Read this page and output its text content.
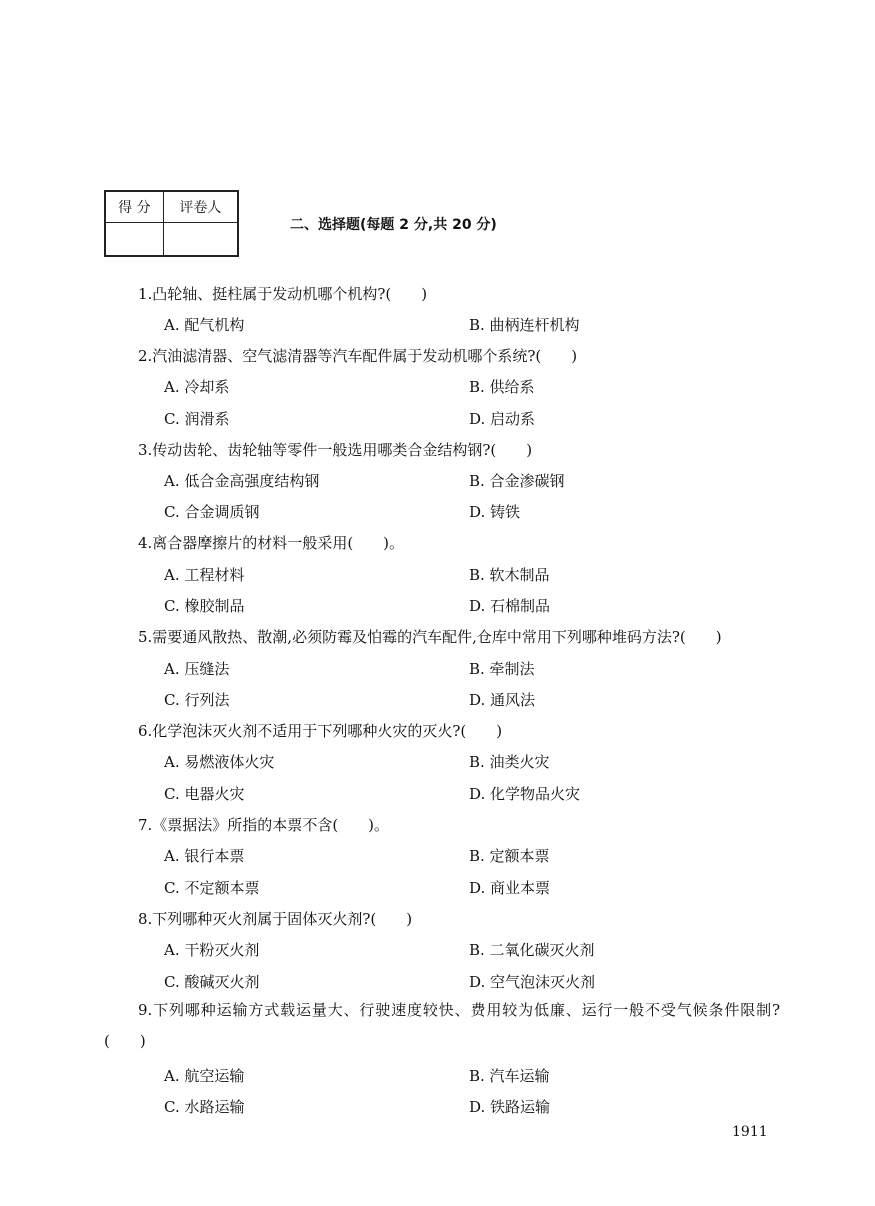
得 分	评卷人

二、选择题(每题 2 分,共 20 分)
1.凸轮轴、挺柱属于发动机哪个机构?(　　)
A. 配气机构	B. 曲柄连杆机构
2.汽油滤清器、空气滤清器等汽车配件属于发动机哪个系统?(　　)
A. 冷却系	B. 供给系
C. 润滑系	D. 启动系
3.传动齿轮、齿轮轴等零件一般选用哪类合金结构钢?(　　)
A. 低合金高强度结构钢	B. 合金渗碳钢
C. 合金调质钢	D. 铸铁
4.离合器摩擦片的材料一般采用(　　)。
A. 工程材料	B. 软木制品
C. 橡胶制品	D. 石棉制品
5.需要通风散热、散潮,必须防霉及怕霉的汽车配件,仓库中常用下列哪种堆码方法?(　　)
A. 压缝法	B. 牵制法
C. 行列法	D. 通风法
6.化学泡沫灭火剂不适用于下列哪种火灾的灭火?(　　)
A. 易燃液体火灾	B. 油类火灾
C. 电器火灾	D. 化学物品火灾
7.《票据法》所指的本票不含(　　)。
A. 银行本票	B. 定额本票
C. 不定额本票	D. 商业本票
8.下列哪种灭火剂属于固体灭火剂?(　　)
A. 干粉灭火剂	B. 二氧化碳灭火剂
C. 酸碱灭火剂	D. 空气泡沫灭火剂
9.下列哪种运输方式载运量大、行驶速度较快、费用较为低廉、运行一般不受气候条件限制?(　　)
A. 航空运输	B. 汽车运输
C. 水路运输	D. 铁路运输
1911
